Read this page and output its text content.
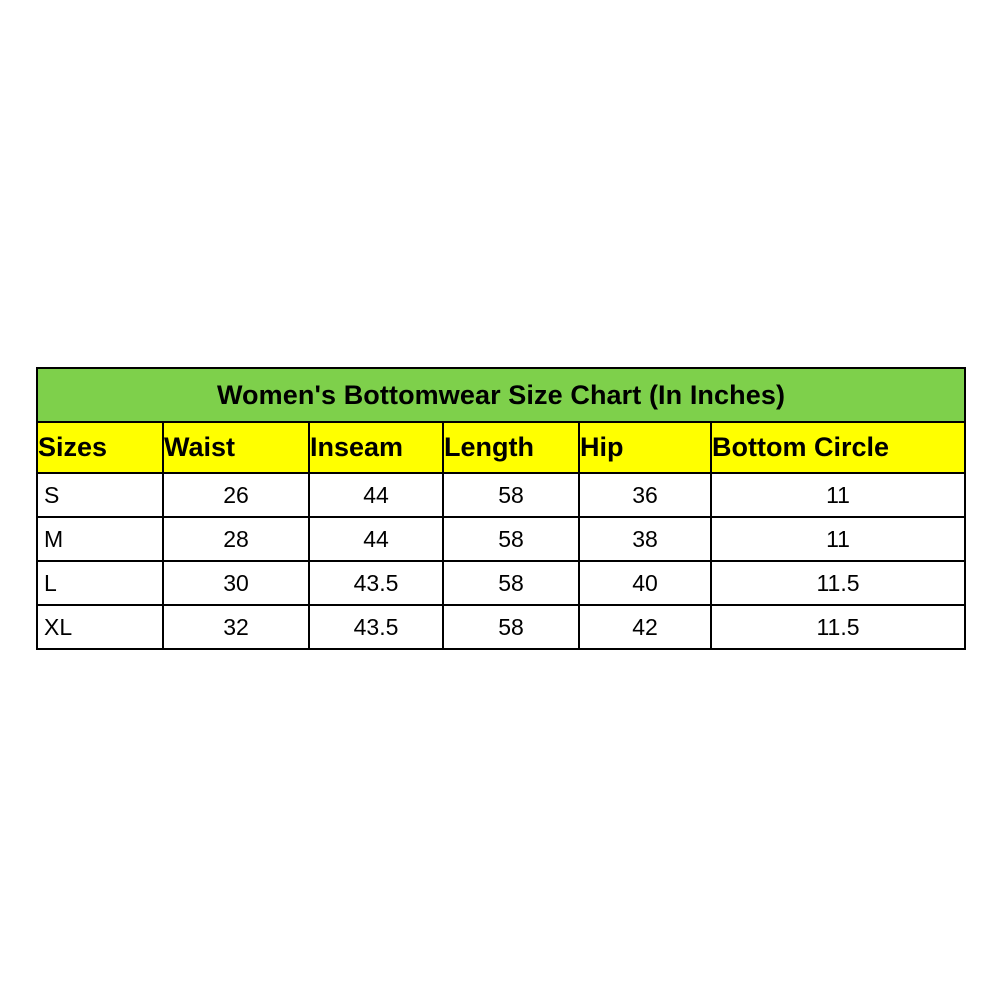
Women's Bottomwear Size Chart (In Inches)					
Sizes	Waist	Inseam	Length	Hip	Bottom Circle
S	26	44	58	36	11
M	28	44	58	38	11
L	30	43.5	58	40	11.5
XL	32	43.5	58	42	11.5
